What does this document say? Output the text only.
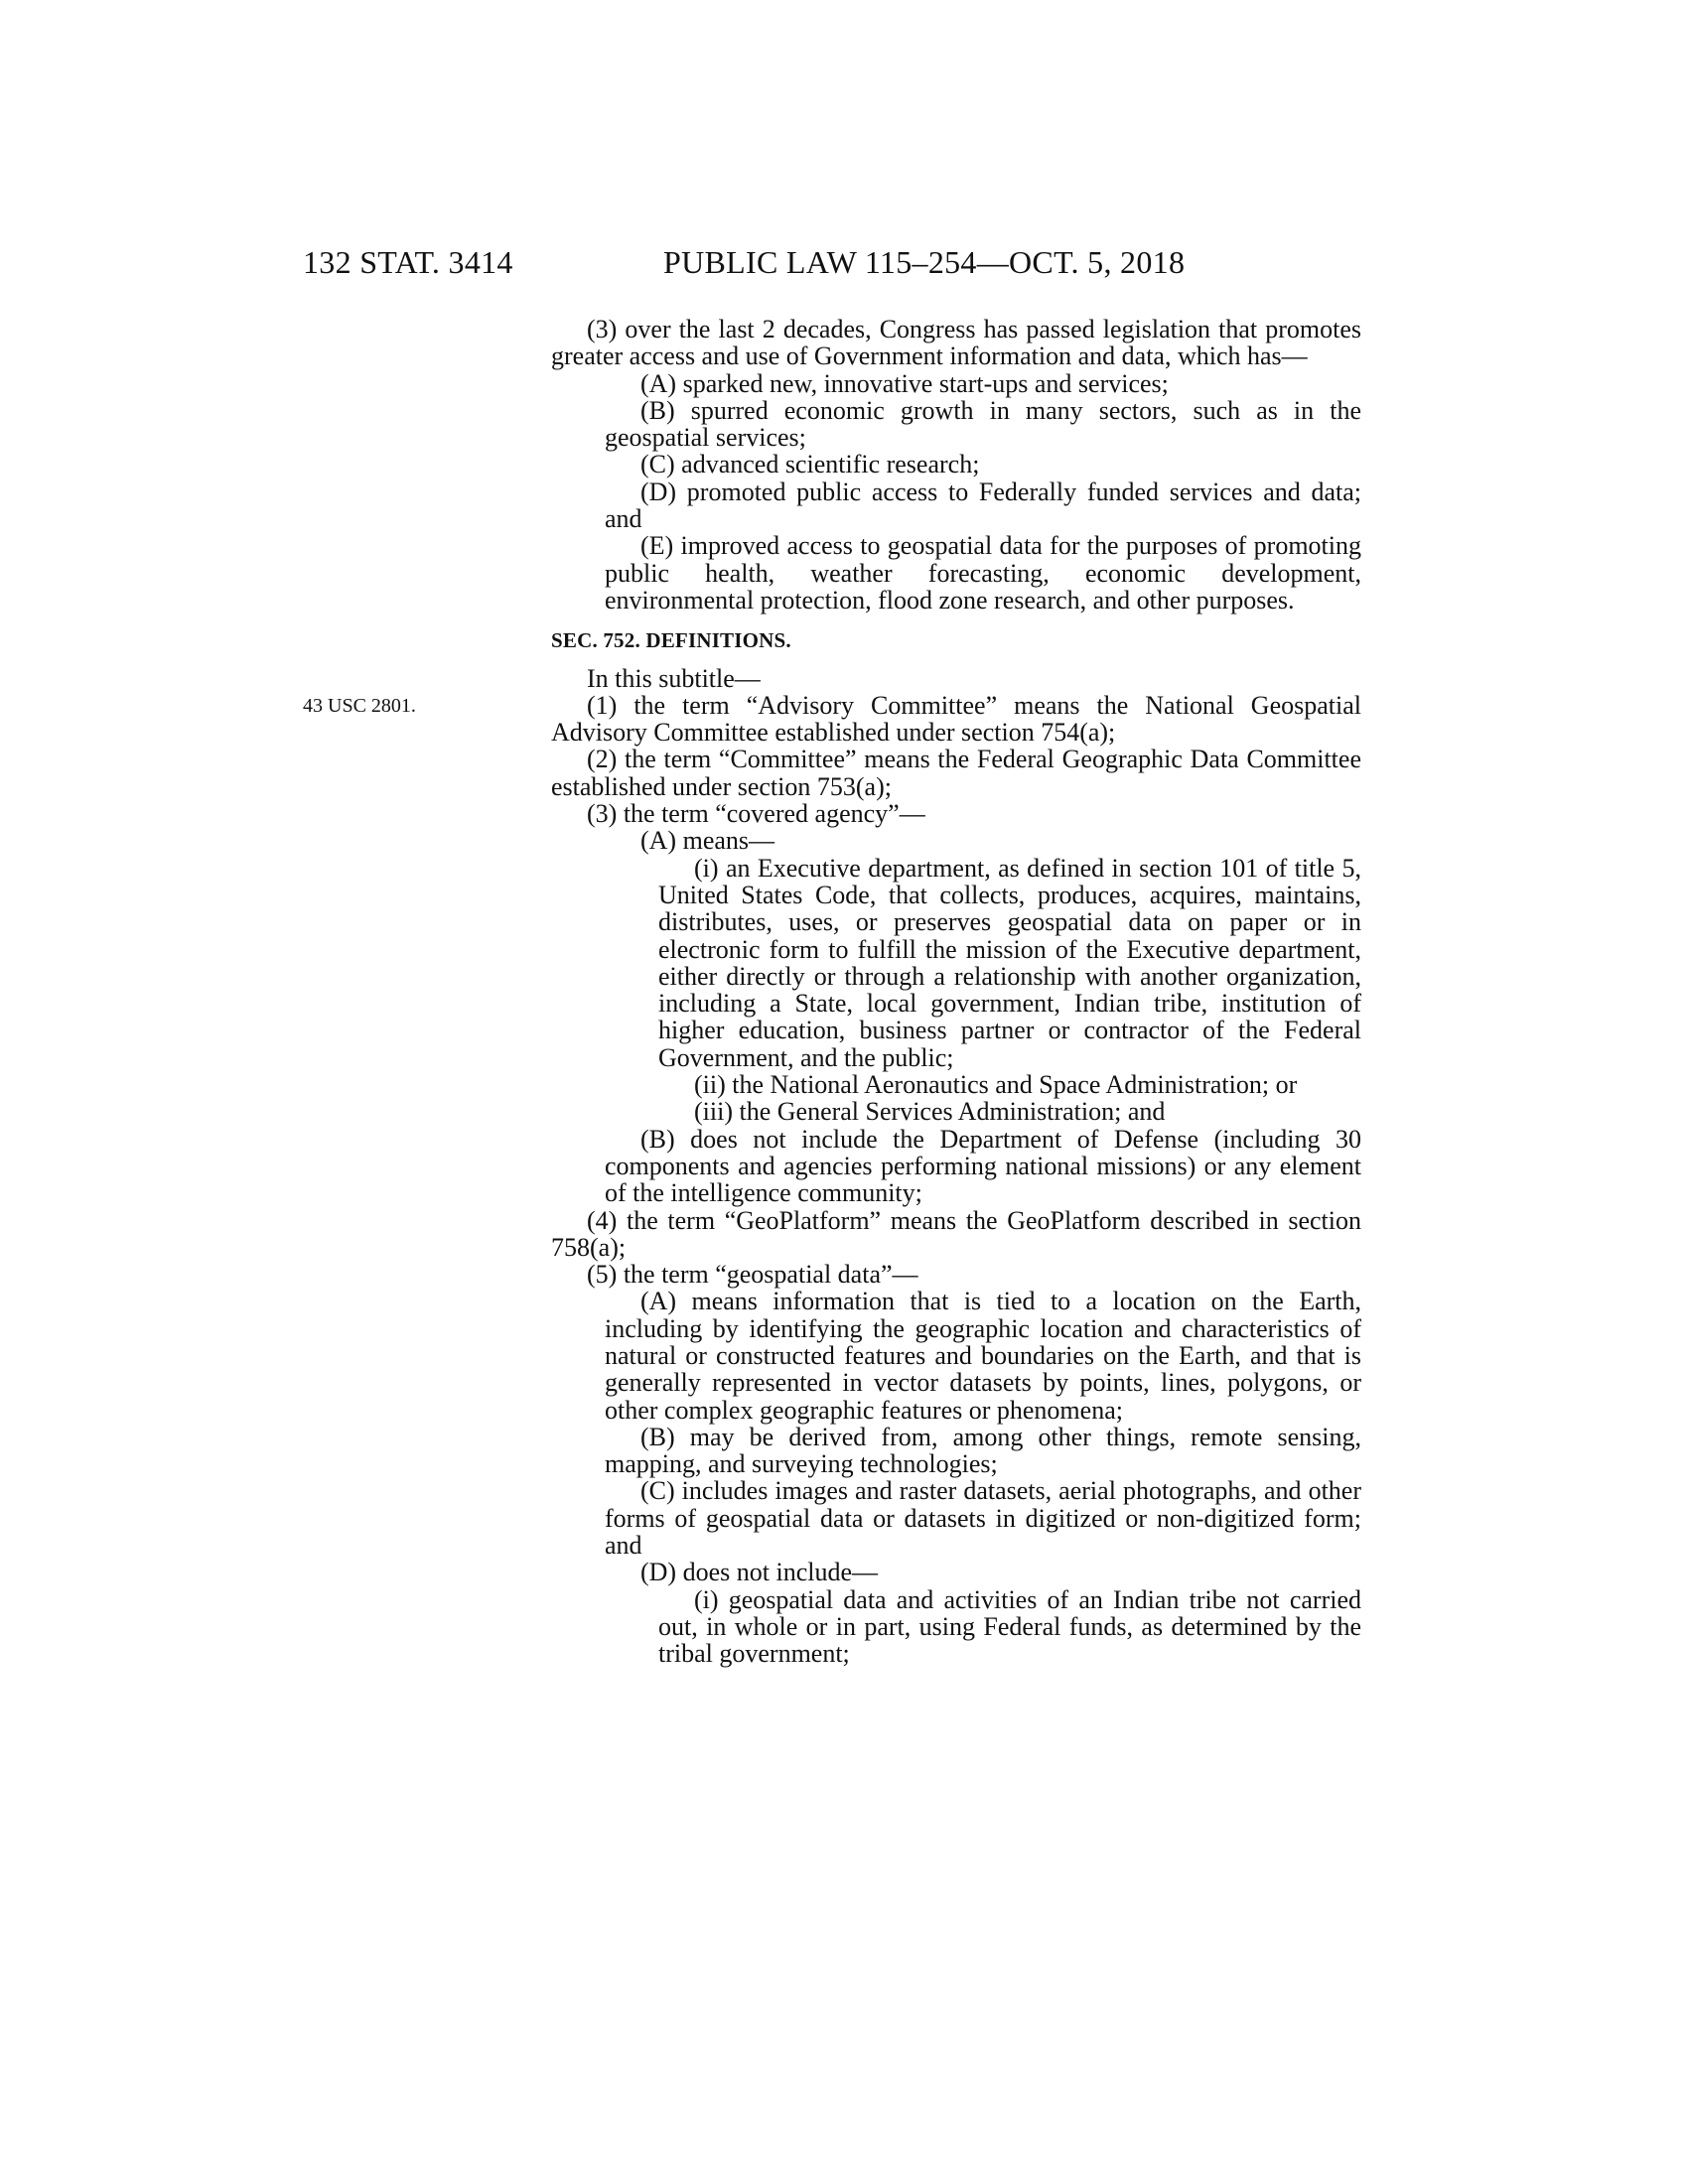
132 STAT. 3414	PUBLIC LAW 115–254—OCT. 5, 2018
43 USC 2801.

(3) over the last 2 decades, Congress has passed legislation that promotes greater access and use of Government information and data, which has—

(A) sparked new, innovative start-ups and services;

(B) spurred economic growth in many sectors, such as in the geospatial services;

(C) advanced scientific research;

(D) promoted public access to Federally funded services and data; and

(E) improved access to geospatial data for the purposes of promoting public health, weather forecasting, economic development, environmental protection, flood zone research, and other purposes.

SEC. 752. DEFINITIONS.

In this subtitle—

(1) the term “Advisory Committee” means the National Geospatial Advisory Committee established under section 754(a);

(2) the term “Committee” means the Federal Geographic Data Committee established under section 753(a);

(3) the term “covered agency”—

(A) means—

(i) an Executive department, as defined in section 101 of title 5, United States Code, that collects, produces, acquires, maintains, distributes, uses, or preserves geospatial data on paper or in electronic form to fulfill the mission of the Executive department, either directly or through a relationship with another organization, including a State, local government, Indian tribe, institution of higher education, business partner or contractor of the Federal Government, and the public;

(ii) the National Aeronautics and Space Administration; or

(iii) the General Services Administration; and

(B) does not include the Department of Defense (including 30 components and agencies performing national missions) or any element of the intelligence community;

(4) the term “GeoPlatform” means the GeoPlatform described in section 758(a);

(5) the term “geospatial data”—

(A) means information that is tied to a location on the Earth, including by identifying the geographic location and characteristics of natural or constructed features and boundaries on the Earth, and that is generally represented in vector datasets by points, lines, polygons, or other complex geographic features or phenomena;

(B) may be derived from, among other things, remote sensing, mapping, and surveying technologies;

(C) includes images and raster datasets, aerial photographs, and other forms of geospatial data or datasets in digitized or non-digitized form; and

(D) does not include—

(i) geospatial data and activities of an Indian tribe not carried out, in whole or in part, using Federal funds, as determined by the tribal government;
